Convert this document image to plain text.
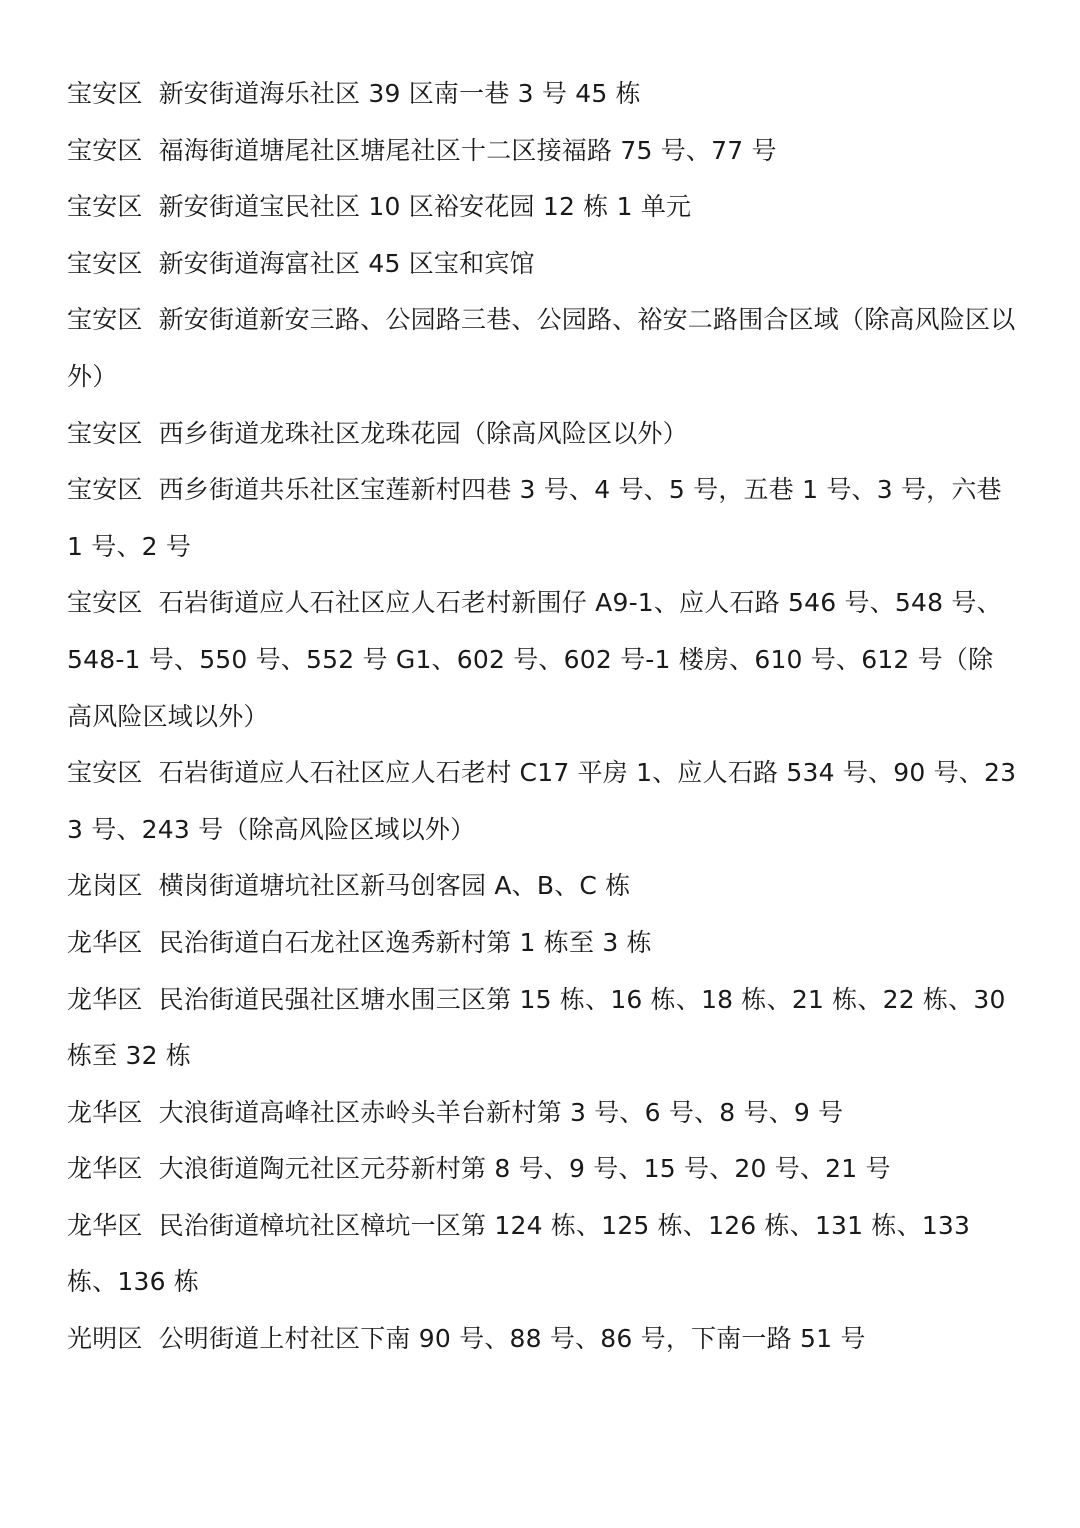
宝安区 新安街道海乐社区 39 区南一巷 3 号 45 栋

宝安区 福海街道塘尾社区塘尾社区十二区接福路 75 号、77 号

宝安区 新安街道宝民社区 10 区裕安花园 12 栋 1 单元

宝安区 新安街道海富社区 45 区宝和宾馆

宝安区 新安街道新安三路、公园路三巷、公园路、裕安二路围合区域（除高风险区以外）

宝安区 西乡街道龙珠社区龙珠花园（除高风险区以外）

宝安区 西乡街道共乐社区宝莲新村四巷 3 号、4 号、5 号，五巷 1 号、3 号，六巷 1 号、2 号

宝安区 石岩街道应人石社区应人石老村新围仔 A9-1、应人石路 546 号、548 号、548-1 号、550 号、552 号 G1、602 号、602 号-1 楼房、610 号、612 号（除高风险区域以外）

宝安区 石岩街道应人石社区应人石老村 C17 平房 1、应人石路 534 号、90 号、233 号、243 号（除高风险区域以外）

龙岗区 横岗街道塘坑社区新马创客园 A、B、C 栋

龙华区 民治街道白石龙社区逸秀新村第 1 栋至 3 栋

龙华区 民治街道民强社区塘水围三区第 15 栋、16 栋、18 栋、21 栋、22 栋、30 栋至 32 栋

龙华区 大浪街道高峰社区赤岭头羊台新村第 3 号、6 号、8 号、9 号

龙华区 大浪街道陶元社区元芬新村第 8 号、9 号、15 号、20 号、21 号

龙华区 民治街道樟坑社区樟坑一区第 124 栋、125 栋、126 栋、131 栋、133 栋、136 栋

光明区 公明街道上村社区下南 90 号、88 号、86 号，下南一路 51 号
